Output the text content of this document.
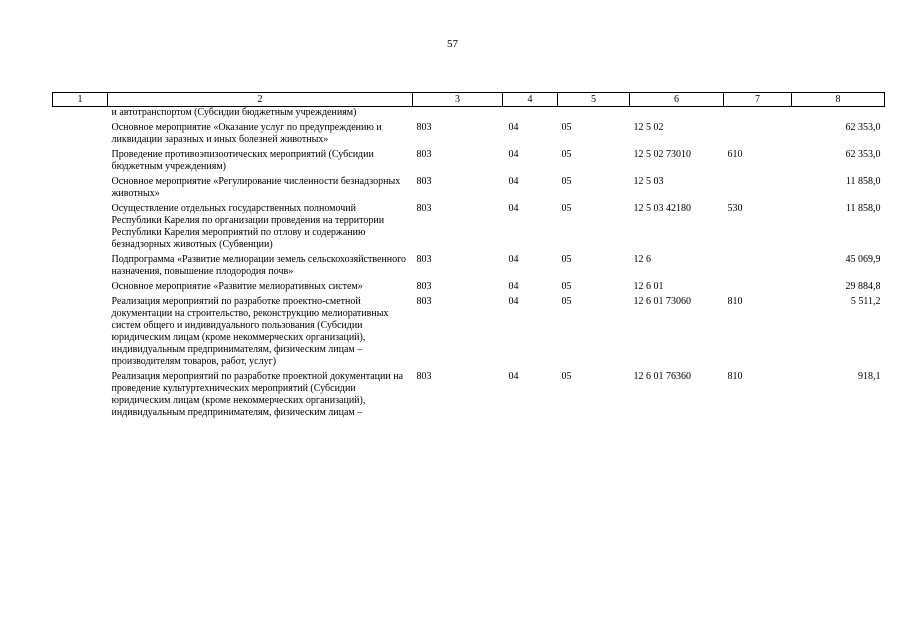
57
1	2	3	4	5	6	7	8
	и автотранспортом (Субсидии бюджетным учреждениям)						
	Основное мероприятие «Оказание услуг по предупреждению и ликвидации заразных и иных болезней животных»	803	04	05	12 5 02		62 353,0
	Проведение противоэпизоотических мероприятий (Субсидии бюджетным учреждениям)	803	04	05	12 5 02 73010	610	62 353,0
	Основное мероприятие «Регулирование численности безнадзорных животных»	803	04	05	12 5 03		11 858,0
	Осуществление отдельных государственных полномочий Республики Карелия по организации проведения на территории Республики Карелия мероприятий по отлову и содержанию безнадзорных животных (Субвенции)	803	04	05	12 5 03 42180	530	11 858,0
	Подпрограмма «Развитие мелиорации земель сельскохозяйственного назначения, повышение плодородия почв»	803	04	05	12 6		45 069,9
	Основное мероприятие «Развитие мелиоративных систем»	803	04	05	12 6 01		29 884,8
	Реализация мероприятий по разработке проектно-сметной документации на строительство, реконструкцию мелиоративных систем общего и индивидуального пользования (Субсидии юридическим лицам (кроме некоммерческих организаций), индивидуальным предпринимателям, физическим лицам – производителям товаров, работ, услуг)	803	04	05	12 6 01 73060	810	5 511,2
	Реализация мероприятий по разработке проектной документации на проведение культуртехнических мероприятий (Субсидии юридическим лицам (кроме некоммерческих организаций), индивидуальным предпринимателям, физическим лицам –	803	04	05	12 6 01 76360	810	918,1
